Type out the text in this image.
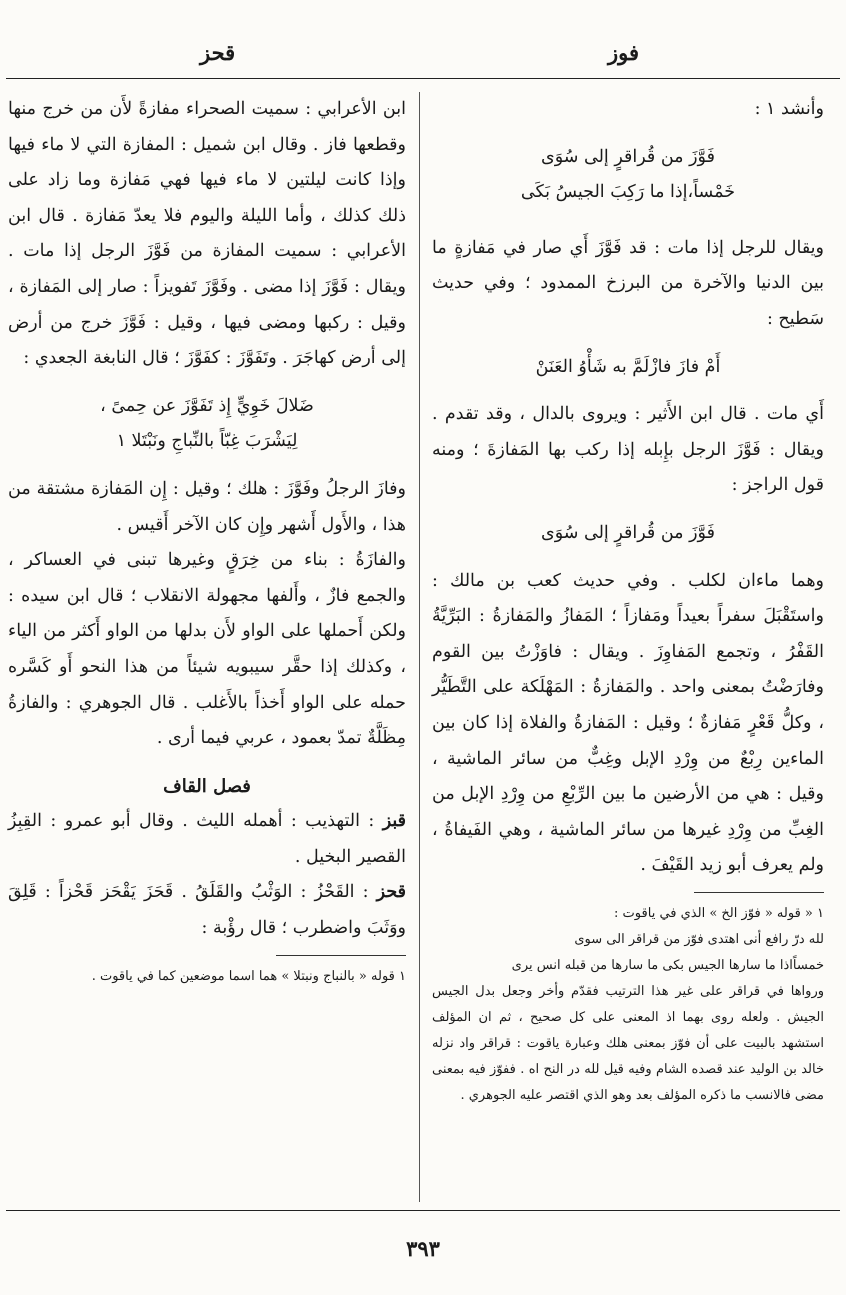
قحز	فوز

وأنشد ١ :

فَوَّزَ من قُراقرٍ إلى سُوَى

خَمْساً،إذا ما رَكِبَ الجيسُ بَكَى

ويقال للرجل إذا مات : قد فَوَّزَ أَي صار في مَفازةٍ ما بين الدنيا والآخرة من البرزخ الممدود ؛ وفي حديث سَطيح :

أَمْ فازَ فازْلَمَّ به شَأْوُ العَنَنْ

أَي مات . قال ابن الأَثير : ويروى بالدال ، وقد تقدم . ويقال : فَوَّزَ الرجل بإِبله إذا ركب بها المَفازةَ ؛ ومنه قول الراجز :

فَوَّزَ من قُراقرٍ إلى سُوَى

وهما ماءان لكلب . وفي حديث كعب بن مالك : واستَقْبَلَ سفراً بعيداً ومَفازاً ؛ المَفازُ والمَفازةُ : البَرِّيَّةُ القَفْرُ ، وتجمع المَفاوِزَ . ويقال : فاوَزْتُ بين القوم وفارَضْتُ بمعنى واحد . والمَفازةُ : المَهْلَكة على التَّطَيُّر ، وكلُّ قَعْرٍ مَفازةٌ ؛ وقيل : المَفازةُ والفلاة إذا كان بين الماءين رِبْعٌ من وِرْدِ الإبل وغِبٌّ من سائر الماشية ، وقيل : هي من الأرضين ما بين الرِّبْعِ من وِرْدِ الإبل من الغِبِّ من وِرْدِ غيرها من سائر الماشية ، وهي الفَيفاةُ ، ولم يعرف أبو زيد القَيْفَ .

١ « قوله « فوّز الخ » الذي في ياقوت :

لله درّ رافع أنى اهتدى فوّز من قراقر الى سوى

خمساًاذا ما سارها الجيس بكى ما سارها من قبله انس يرى

ورواها في قراقر على غير هذا الترتيب فقدّم وأخر وجعل بدل الجيس الجيش . ولعله روى بهما اذ المعنى على كل صحيح ، ثم ان المؤلف استشهد بالبيت على أن فوّز بمعنى هلك وعبارة ياقوت : قراقر واد نزله خالد بن الوليد عند قصده الشام وفيه قيل لله در النح اه . ففوّز فيه بمعنى مضى فالانسب ما ذكره المؤلف بعد وهو الذي اقتصر عليه الجوهري .

ابن الأعرابي : سميت الصحراء مفازةً لأَن من خرج منها وقطعها فاز . وقال ابن شميل : المفازة التي لا ماء فيها وإذا كانت ليلتين لا ماء فيها فهي مَفازة وما زاد على ذلك كذلك ، وأما الليلة واليوم فلا يعدّ مَفازة . قال ابن الأعرابي : سميت المفازة من فَوَّزَ الرجل إذا مات . ويقال : فَوَّزَ إذا مضى . وفَوَّزَ تَفويزاً : صار إلى المَفازة ، وقيل : ركبها ومضى فيها ، وقيل : فَوَّزَ خرج من أرض إلى أرض كهاجَرَ . وتَفَوَّزَ : كفَوَّزَ ؛ قال النابغة الجعدي :

ضَلالَ خَوِيٍّ إِذ تَفَوَّزَ عن حِمىً ،

لِيَشْرَبَ غِبّاً بالنِّباجِ ونَبْتَلا ١

وفازَ الرجلُ وفَوَّزَ : هلك ؛ وقيل : إِن المَفازة مشتقة من هذا ، والأَول أَشهر وإِن كان الآخر أَقيس .

والفازَةُ : بناء من خِرَقٍ وغيرها تبنى في العساكر ، والجمع فازٌ ، وأَلفها مجهولة الانقلاب ؛ قال ابن سيده : ولكن أَحملها على الواو لأَن بدلها من الواو أَكثر من الياء ، وكذلك إذا حقَّر سيبويه شيئاً من هذا النحو أَو كَسَّره حمله على الواو أَخذاً بالأَغلب . قال الجوهري : والفازةُ مِظَلَّةٌ تمدّ بعمود ، عربي فيما أرى .

فصل القاف

قبز : التهذيب : أهمله الليث . وقال أبو عمرو : القِبِزُ القصير البخيل .

قحز : القَحْزُ : الوَثْبُ والقَلَقُ . قَحَزَ يَقْحَز قَحْزاً : قَلِقَ ووَثَبَ واضطرب ؛ قال رؤْبة :

١ قوله « بالنباج ونبتلا » هما اسما موضعين كما في ياقوت .

٣٩٣
